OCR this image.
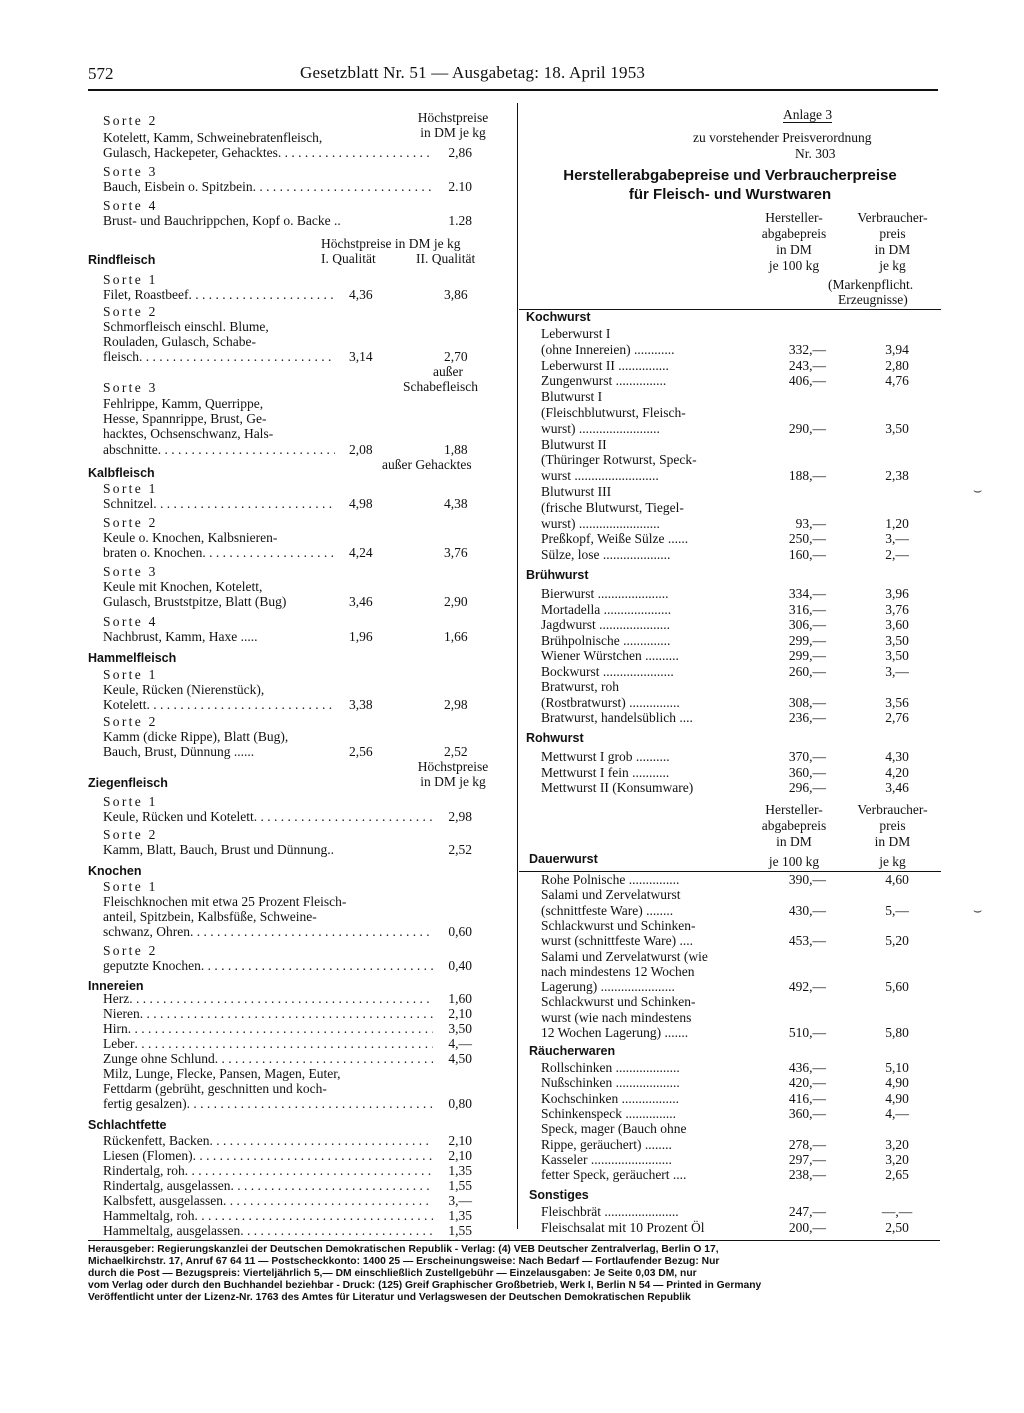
572	Gesetzblatt Nr. 51 — Ausgabetag: 18. April 1953
Höchstpreise
in DM je kg
Sorte 2
Kotelett, Kamm, Schweinebratenfleisch,
Gulasch, Hackepeter, Gehacktes . . .	2,86
Sorte 3
Bauch, Eisbein o. Spitzbein . . .	2.10
Sorte 4
Brust- und Bauchrippchen, Kopf o. Backe ..	1.28
Höchstpreise in DM je kg
I. Qualität	II. Qualität
Rindfleisch
Sorte 1
Filet, Roastbeef . . .	4,36	3,86
Sorte 2
Schmorfleisch einschl. Blume,
Rouladen, Gulasch, Schabe-
fleisch . . .	3,14	2,70
außer
Schabefleisch
Sorte 3
Fehlrippe, Kamm, Querrippe,
Hesse, Spannrippe, Brust, Ge-
hacktes, Ochsenschwanz, Hals-
abschnitte . . .	2,08	1,88
außer Gehacktes
Kalbfleisch
Sorte 1
Schnitzel . . .	4,98	4,38
Sorte 2
Keule o. Knochen, Kalbsnieren-
braten o. Knochen . . .	4,24	3,76
Sorte 3
Keule mit Knochen, Kotelett,
Gulasch, Bruststpitze, Blatt (Bug)	3,46	2,90
Sorte 4
Nachbrust, Kamm, Haxe .....	1,96	1,66
Hammelfleisch
Sorte 1
Keule, Rücken (Nierenstück),
Kotelett . . .	3,38	2,98
Sorte 2
Kamm (dicke Rippe), Blatt (Bug),
Bauch, Brust, Dünnung ......	2,56	2,52
Höchstpreise
in DM je kg
Ziegenfleisch
Sorte 1
Keule, Rücken und Kotelett . . .	2,98
Sorte 2
Kamm, Blatt, Bauch, Brust und Dünnung..	2,52
Knochen
Sorte 1
Fleischknochen mit etwa 25 Prozent Fleisch-
anteil, Spitzbein, Kalbsfüße, Schweine-
schwanz, Ohren . . .	0,60
Sorte 2
geputzte Knochen . . .	0,40
Innereien
Herz . . .	1,60
Nieren . . .	2,10
Hirn . . .	3,50
Leber . . .	4,—
Zunge ohne Schlund . . .	4,50
Milz, Lunge, Flecke, Pansen, Magen, Euter,
Fettdarm (gebrüht, geschnitten und koch-
fertig gesalzen) . . .	0,80
Schlachtfette
Rückenfett, Backen . . .	2,10
Liesen (Flomen) . . .	2,10
Rindertalg, roh . . .	1,35
Rindertalg, ausgelassen . . .	1,55
Kalbsfett, ausgelassen . . .	3,—
Hammeltalg, roh . . .	1,35
Hammeltalg, ausgelassen . . .	1,55
Anlage 3
zu vorstehender Preisverordnung
Nr. 303
Herstellerabgabepreise und Verbraucherpreise
für Fleisch- und Wurstwaren
Hersteller-
abgabepreis
in DM
je 100 kg
Verbraucher-
preis
in DM
je kg
(Markenpflicht.
Erzeugnisse)
Kochwurst
Leberwurst I
(ohne Innereien) ............	332,—	3,94
Leberwurst II ...............	243,—	2,80
Zungenwurst ...............	406,—	4,76
Blutwurst I
(Fleischblutwurst, Fleisch-
wurst) ........................	290,—	3,50
Blutwurst II
(Thüringer Rotwurst, Speck-
wurst .........................	188,—	2,38
Blutwurst III
(frische Blutwurst, Tiegel-
wurst) ........................	93,—	1,20
Preßkopf, Weiße Sülze ......	250,—	3,—
Sülze, lose ....................	160,—	2,—
Brühwurst
Bierwurst .....................	334,—	3,96
Mortadella ....................	316,—	3,76
Jagdwurst .....................	306,—	3,60
Brühpolnische ..............	299,—	3,50
Wiener Würstchen ..........	299,—	3,50
Bockwurst .....................	260,—	3,—
Bratwurst, roh
(Rostbratwurst) ...............	308,—	3,56
Bratwurst, handelsüblich ....	236,—	2,76
Rohwurst
Mettwurst I grob ..........	370,—	4,30
Mettwurst I fein ...........	360,—	4,20
Mettwurst II (Konsumware)	296,—	3,46
Hersteller-
abgabepreis
in DM
je 100 kg
Verbraucher-
preis
in DM
je kg
Dauerwurst
Rohe Polnische ...............	390,—	4,60
Salami und Zervelatwurst
(schnittfeste Ware) ........	430,—	5,—
Schlackwurst und Schinken-
wurst (schnittfeste Ware) ....	453,—	5,20
Salami und Zervelatwurst (wie
nach mindestens 12 Wochen
Lagerung) ......................	492,—	5,60
Schlackwurst und Schinken-
wurst (wie nach mindestens
12 Wochen Lagerung) .......	510,—	5,80
Räucherwaren
Rollschinken ...................	436,—	5,10
Nußschinken ...................	420,—	4,90
Kochschinken .................	416,—	4,90
Schinkenspeck ...............	360,—	4,—
Speck, mager (Bauch ohne
Rippe, geräuchert) ........	278,—	3,20
Kasseler ........................	297,—	3,20
fetter Speck, geräuchert ....	238,—	2,65
Sonstiges
Fleischbrät ......................	247,—	—,—
Fleischsalat mit 10 Prozent Öl	200,—	2,50
⌣
⌣
Herausgeber: Regierungskanzlei der Deutschen Demokratischen Republik - Verlag: (4) VEB Deutscher Zentralverlag, Berlin O 17,
Michaelkirchstr. 17, Anruf 67 64 11 — Postscheckkonto: 1400 25 — Erscheinungsweise: Nach Bedarf — Fortlaufender Bezug: Nur
durch die Post — Bezugspreis: Vierteljährlich 5,— DM einschließlich Zustellgebühr — Einzelausgaben: Je Seite 0,03 DM, nur
vom Verlag oder durch den Buchhandel beziehbar - Druck: (125) Greif Graphischer Großbetrieb, Werk I, Berlin N 54 — Printed in Germany
Veröffentlicht unter der Lizenz-Nr. 1763 des Amtes für Literatur und Verlagswesen der Deutschen Demokratischen Republik
